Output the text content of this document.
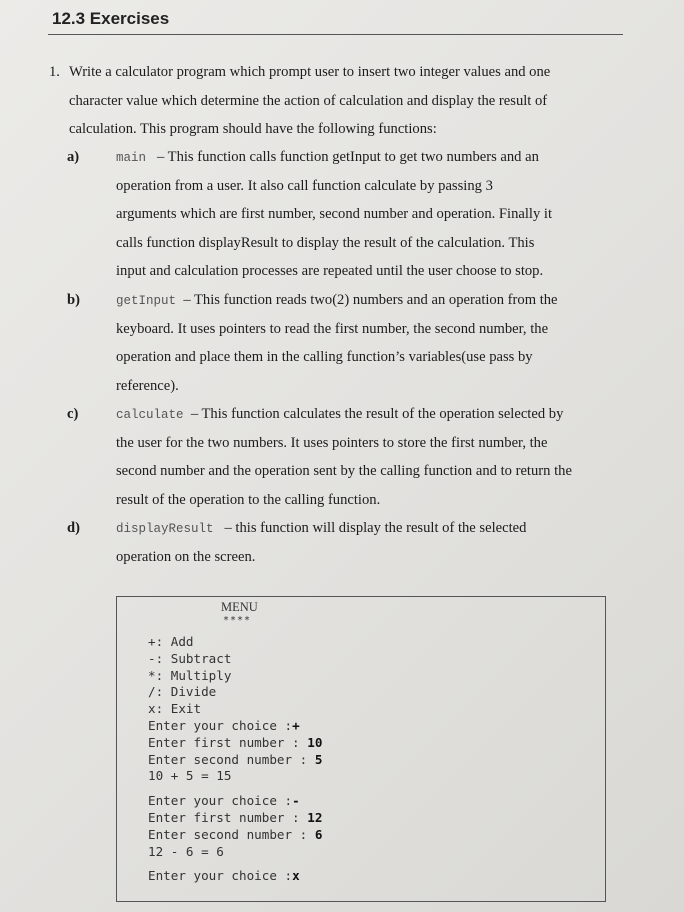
12.3 Exercises
1. Write a calculator program which prompt user to insert two integer values and one
character value which determine the action of calculation and display the result of
calculation. This program should have the following functions:
a)	main – This function calls function getInput to get two numbers and an
operation from a user. It also call function calculate by passing 3
arguments which are first number, second number and operation. Finally it
calls function displayResult to display the result of the calculation. This
input and calculation processes are repeated until the user choose to stop.
b)	getInput – This function reads two(2) numbers and an operation from the
keyboard. It uses pointers to read the first number, the second number, the
operation and place them in the calling function’s variables(use pass by
reference).
c)	calculate – This function calculates the result of the operation selected by
the user for the two numbers. It uses pointers to store the first number, the
second number and the operation sent by the calling function and to return the
result of the operation to the calling function.
d)	displayResult – this function will display the result of the selected
operation on the screen.
MENU
****
+: Add
-: Subtract
*: Multiply
/: Divide
x: Exit
Enter your choice :+
Enter first number : 10
Enter second number : 5
10 + 5 = 15
Enter your choice :-
Enter first number : 12
Enter second number : 6
12 - 6 = 6
Enter your choice :x
